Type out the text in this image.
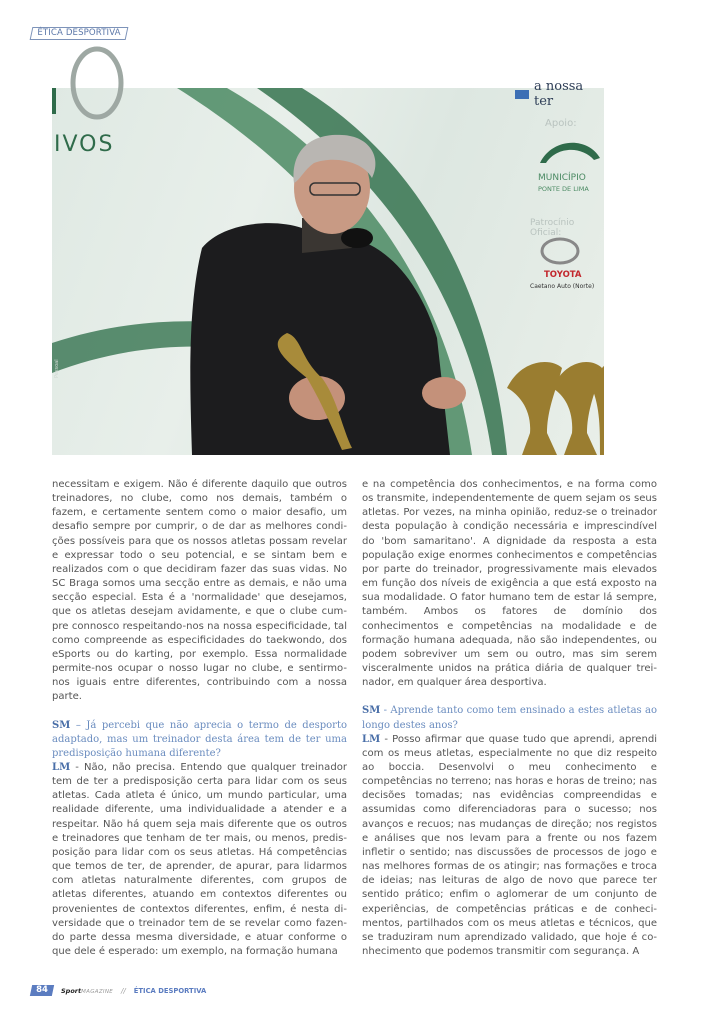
ÉTICA DESPORTIVA
IVOS
a nossa ter
Apoio:
MUNICÍPIO
PONTE DE LIMA
Patrocínio Oficial:
TOYOTA
Caetano Auto (Norte)
Pessoal

necessitam e exigem. Não é diferente daquilo que outros treinadores, no clube, como nos demais, também o fazem, e certamente sentem como o maior desafio, um desafio sempre por cumprir, o de dar as melhores condições possíveis para que os nossos atletas possam revelar e expressar todo o seu potencial, e se sintam bem e realizados com o que decidiram fazer das suas vidas. No SC Braga somos uma secção entre as demais, e não uma secção especial. Esta é a 'normalidade' que desejamos, que os atletas desejam avidamente, e que o clube cumpre connosco respeitando-nos na nossa especificidade, tal como compreende as especificidades do taekwondo, dos eSports ou do karting, por exemplo. Essa normalidade permite-nos ocupar o nosso lugar no clube, e sentirmo-nos iguais entre diferentes, contribuindo com a nossa parte.

SM – Já percebi que não aprecia o termo de desporto adaptado, mas um treinador desta área tem de ter uma predisposição humana diferente?

LM - Não, não precisa. Entendo que qualquer treinador tem de ter a predisposição certa para lidar com os seus atletas. Cada atleta é único, um mundo particular, uma realidade diferente, uma individualidade a atender e a respeitar. Não há quem seja mais diferente que os outros e treinadores que tenham de ter mais, ou menos, predisposição para lidar com os seus atletas. Há competências que temos de ter, de aprender, de apurar, para lidarmos com atletas naturalmente diferentes, com grupos de atletas diferentes, atuando em contextos diferentes ou provenientes de contextos diferentes, enfim, é nesta diversidade que o treinador tem de se revelar como fazendo parte dessa mesma diversidade, e atuar conforme o que dele é esperado: um exemplo, na formação humana

e na competência dos conhecimentos, e na forma como os transmite, independentemente de quem sejam os seus atletas. Por vezes, na minha opinião, reduz-se o treinador desta população à condição necessária e imprescindível do 'bom samaritano'. A dignidade da resposta a esta população exige enormes conhecimentos e competências por parte do treinador, progressivamente mais elevados em função dos níveis de exigência a que está exposto na sua modalidade. O fator humano tem de estar lá sempre, também. Ambos os fatores de domínio dos conhecimentos e competências na modalidade e de formação humana adequada, não são independentes, ou podem sobreviver um sem ou outro, mas sim serem visceralmente unidos na prática diária de qualquer treinador, em qualquer área desportiva.

SM - Aprende tanto como tem ensinado a estes atletas ao longo destes anos?

LM - Posso afirmar que quase tudo que aprendi, aprendi com os meus atletas, especialmente no que diz respeito ao boccia. Desenvolvi o meu conhecimento e competências no terreno; nas horas e horas de treino; nas decisões tomadas; nas evidências compreendidas e assumidas como diferenciadoras para o sucesso; nos avanços e recuos; nas mudanças de direção; nos registos e análises que nos levam para a frente ou nos fazem infletir o sentido; nas discussões de processos de jogo e nas melhores formas de os atingir; nas formações e troca de ideias; nas leituras de algo de novo que parece ter sentido prático; enfim o aglomerar de um conjunto de experiências, de competências práticas e de conhecimentos, partilhados com os meus atletas e técnicos, que se traduziram num aprendizado validado, que hoje é conhecimento que podemos transmitir com segurança. A

84	SportMAGAZINE // ÉTICA DESPORTIVA
